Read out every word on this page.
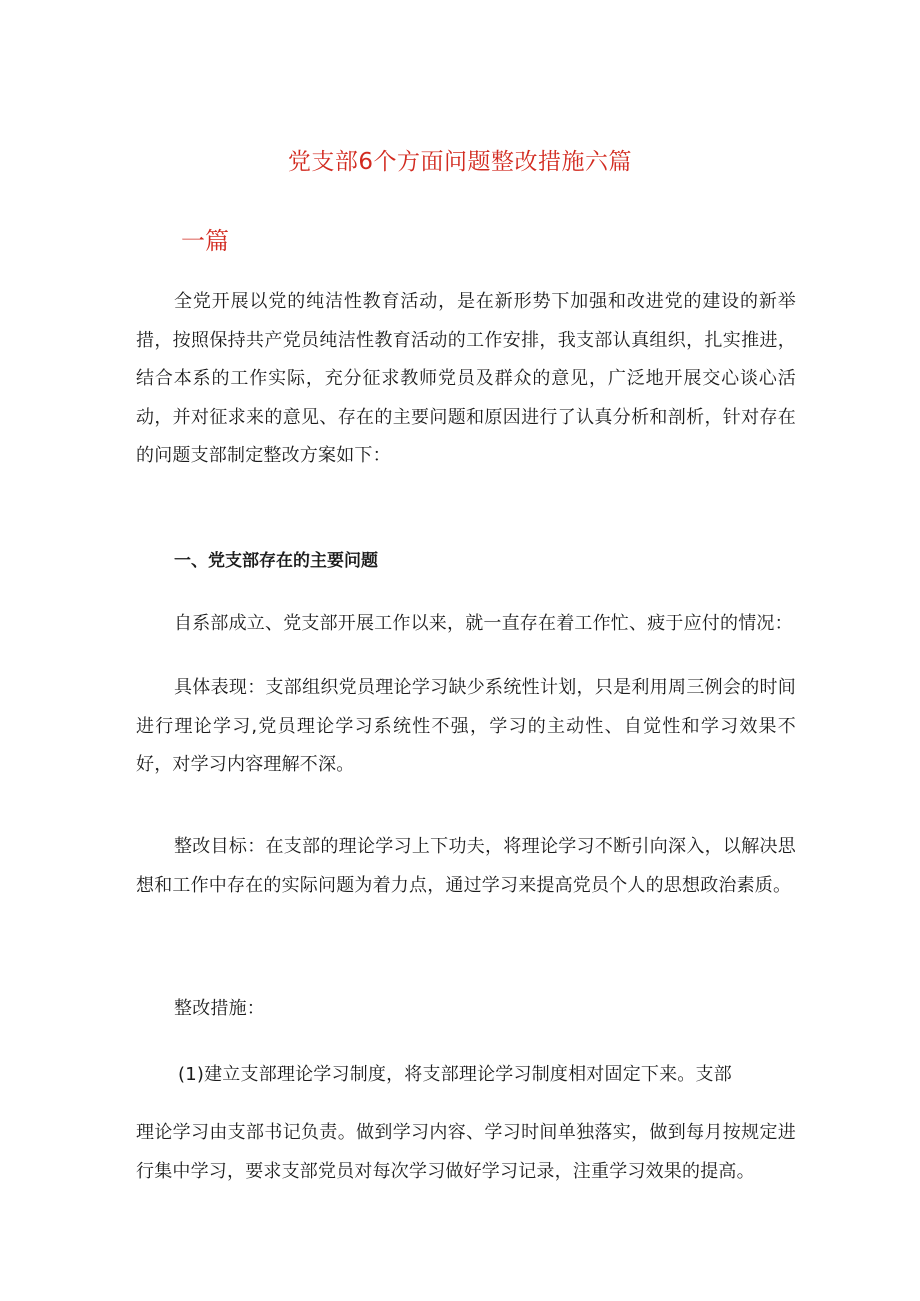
党支部6个方面问题整改措施六篇
一篇

全党开展以党的纯洁性教育活动，是在新形势下加强和改进党的建设的新举措，按照保持共产党员纯洁性教育活动的工作安排，我支部认真组织，扎实推进，结合本系的工作实际，充分征求教师党员及群众的意见，广泛地开展交心谈心活动，并对征求来的意见、存在的主要问题和原因进行了认真分析和剖析，针对存在的问题支部制定整改方案如下：

一、党支部存在的主要问题

自系部成立、党支部开展工作以来，就一直存在着工作忙、疲于应付的情况：

具体表现：支部组织党员理论学习缺少系统性计划，只是利用周三例会的时间进行理论学习,党员理论学习系统性不强，学习的主动性、自觉性和学习效果不好，对学习内容理解不深。

整改目标：在支部的理论学习上下功夫，将理论学习不断引向深入，以解决思想和工作中存在的实际问题为着力点，通过学习来提高党员个人的思想政治素质。

整改措施：

(1)建立支部理论学习制度，将支部理论学习制度相对固定下来。支部

理论学习由支部书记负责。做到学习内容、学习时间单独落实，做到每月按规定进行集中学习，要求支部党员对每次学习做好学习记录，注重学习效果的提高。
